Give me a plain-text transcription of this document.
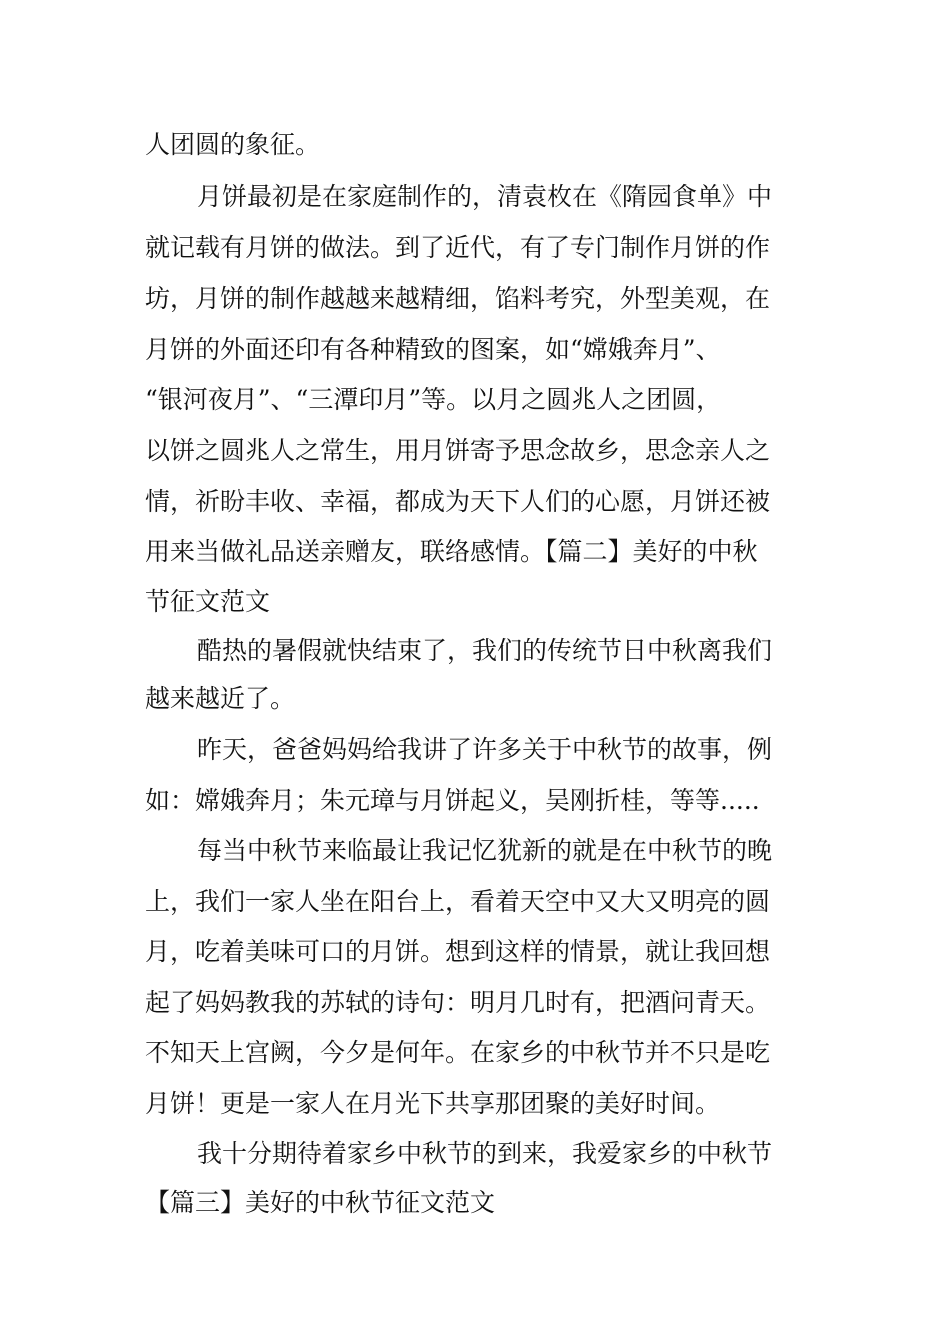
人团圆的象征。
月饼最初是在家庭制作的，清袁枚在《隋园食单》中
就记载有月饼的做法。到了近代，有了专门制作月饼的作
坊，月饼的制作越越来越精细，馅料考究，外型美观，在
月饼的外面还印有各种精致的图案，如“嫦娥奔月”、
“银河夜月”、“三潭印月”等。以月之圆兆人之团圆，
以饼之圆兆人之常生，用月饼寄予思念故乡，思念亲人之
情，祈盼丰收、幸福，都成为天下人们的心愿，月饼还被
用来当做礼品送亲赠友，联络感情。【篇二】美好的中秋
节征文范文
酷热的暑假就快结束了，我们的传统节日中秋离我们
越来越近了。
昨天，爸爸妈妈给我讲了许多关于中秋节的故事，例
如：嫦娥奔月；朱元璋与月饼起义，吴刚折桂，等等.....
每当中秋节来临最让我记忆犹新的就是在中秋节的晚
上，我们一家人坐在阳台上，看着天空中又大又明亮的圆
月，吃着美味可口的月饼。想到这样的情景，就让我回想
起了妈妈教我的苏轼的诗句：明月几时有，把酒问青天。
不知天上宫阙，今夕是何年。在家乡的中秋节并不只是吃
月饼！更是一家人在月光下共享那团聚的美好时间。
我十分期待着家乡中秋节的到来，我爱家乡的中秋节
【篇三】美好的中秋节征文范文
